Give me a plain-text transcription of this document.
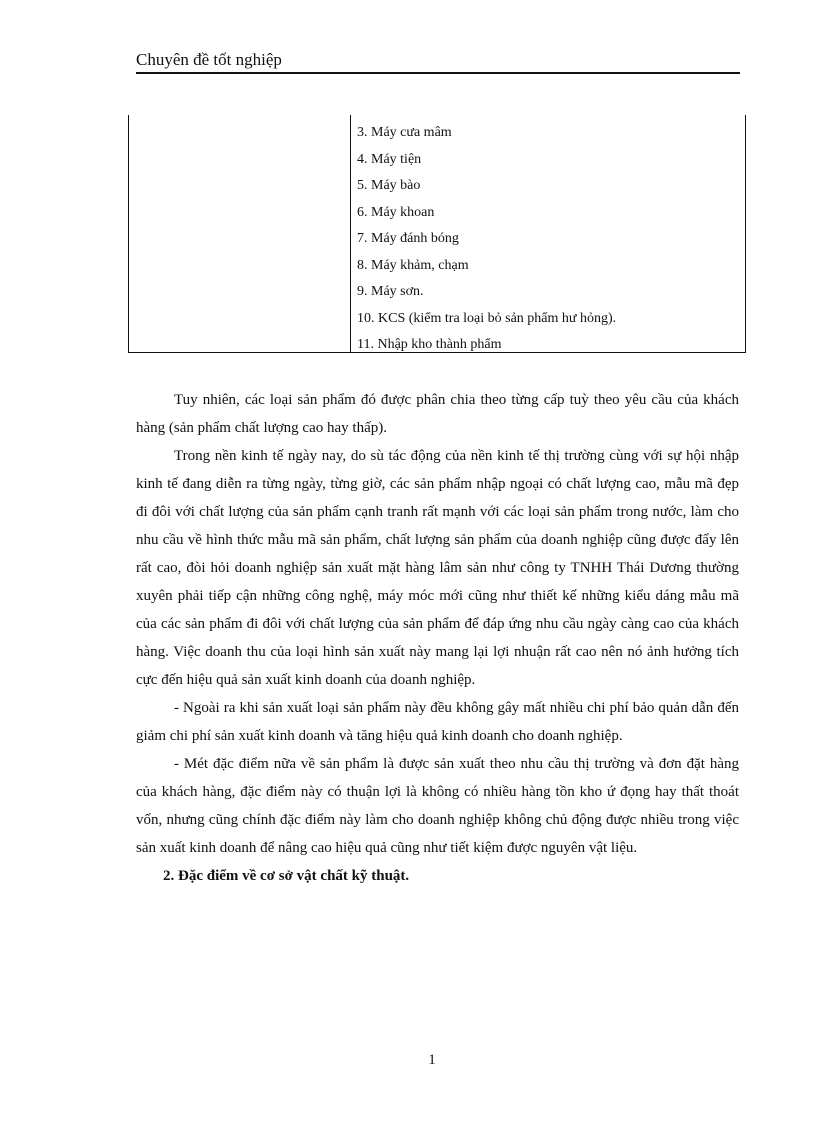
Chuyên đề tốt nghiệp
3. Máy cưa mâm
4. Máy tiện
5. Máy bào
6. Máy khoan
7. Máy đánh bóng
8. Máy khảm, chạm
9. Máy sơn.
10. KCS (kiểm tra loại bỏ sản phẩm hư hỏng).
11. Nhập kho thành phẩm

Tuy nhiên, các loại sản phẩm đó được phân chia theo từng cấp tuỳ theo yêu cầu của khách hàng (sản phẩm chất lượng cao hay thấp).

Trong nền kinh tế ngày nay, do sù tác động của nền kinh tế thị trường cùng với sự hội nhập kinh tế đang diễn ra từng ngày, từng giờ, các sản phẩm nhập ngoại có chất lượng cao, mẫu mã đẹp đi đôi với chất lượng của sản phẩm cạnh tranh rất mạnh với các loại sản phẩm trong nước, làm cho nhu cầu về hình thức mẫu mã sản phẩm, chất lượng sản phẩm của doanh nghiệp cũng được đẩy lên rất cao, đòi hỏi doanh nghiệp sản xuất mặt hàng lâm sản như công ty TNHH Thái Dương thường xuyên phải tiếp cận những công nghệ, máy móc mới cũng như thiết kế những kiểu dáng mẫu mã của các sản phẩm đi đôi với chất lượng của sản phẩm để đáp ứng nhu cầu ngày càng cao của khách hàng. Việc doanh thu của loại hình sản xuất này mang lại lợi nhuận rất cao nên nó ảnh hưởng tích cực đến hiệu quả sản xuất kinh doanh của doanh nghiệp.

- Ngoài ra khi sản xuất loại sản phẩm này đều không gây mất nhiều chi phí bảo quản dẫn đến giảm chi phí sản xuất kinh doanh và tăng hiệu quả kinh doanh cho doanh nghiệp.

- Mét đặc điểm nữa về sản phẩm là được sản xuất theo nhu cầu thị trường và đơn đặt hàng của khách hàng, đặc điểm này có thuận lợi là không có nhiều hàng tồn kho ứ đọng hay thất thoát vốn, nhưng cũng chính đặc điểm này làm cho doanh nghiệp không chủ động được nhiều trong việc sản xuất kinh doanh để nâng cao hiệu quả cũng như tiết kiệm được nguyên vật liệu.

2. Đặc điểm về cơ sở vật chất kỹ thuật.

1
